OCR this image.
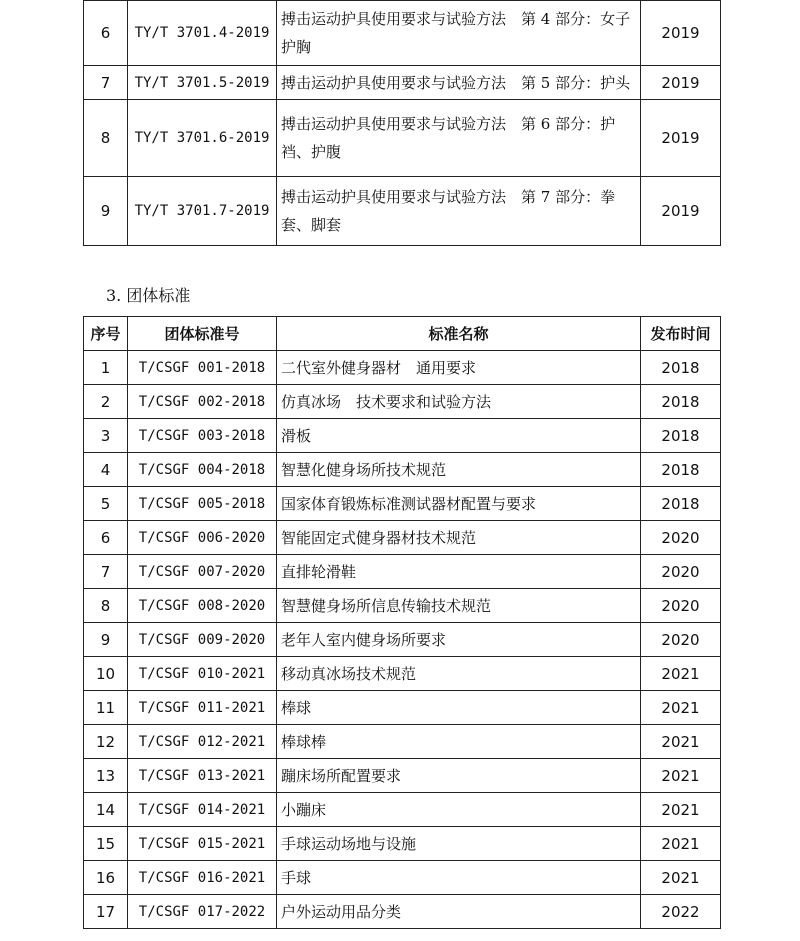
6	TY/T 3701.4-2019	搏击运动护具使用要求与试验方法　第 4 部分：女子护胸	2019
7	TY/T 3701.5-2019	搏击运动护具使用要求与试验方法　第 5 部分：护头	2019
8	TY/T 3701.6-2019	搏击运动护具使用要求与试验方法　第 6 部分：护裆、护腹	2019
9	TY/T 3701.7-2019	搏击运动护具使用要求与试验方法　第 7 部分：拳套、脚套	2019
3. 团体标准
序号	团体标准号	标准名称	发布时间
1	T/CSGF 001-2018	二代室外健身器材　通用要求	2018
2	T/CSGF 002-2018	仿真冰场　技术要求和试验方法	2018
3	T/CSGF 003-2018	滑板	2018
4	T/CSGF 004-2018	智慧化健身场所技术规范	2018
5	T/CSGF 005-2018	国家体育锻炼标准测试器材配置与要求	2018
6	T/CSGF 006-2020	智能固定式健身器材技术规范	2020
7	T/CSGF 007-2020	直排轮滑鞋	2020
8	T/CSGF 008-2020	智慧健身场所信息传输技术规范	2020
9	T/CSGF 009-2020	老年人室内健身场所要求	2020
10	T/CSGF 010-2021	移动真冰场技术规范	2021
11	T/CSGF 011-2021	棒球	2021
12	T/CSGF 012-2021	棒球棒	2021
13	T/CSGF 013-2021	蹦床场所配置要求	2021
14	T/CSGF 014-2021	小蹦床	2021
15	T/CSGF 015-2021	手球运动场地与设施	2021
16	T/CSGF 016-2021	手球	2021
17	T/CSGF 017-2022	户外运动用品分类	2022
